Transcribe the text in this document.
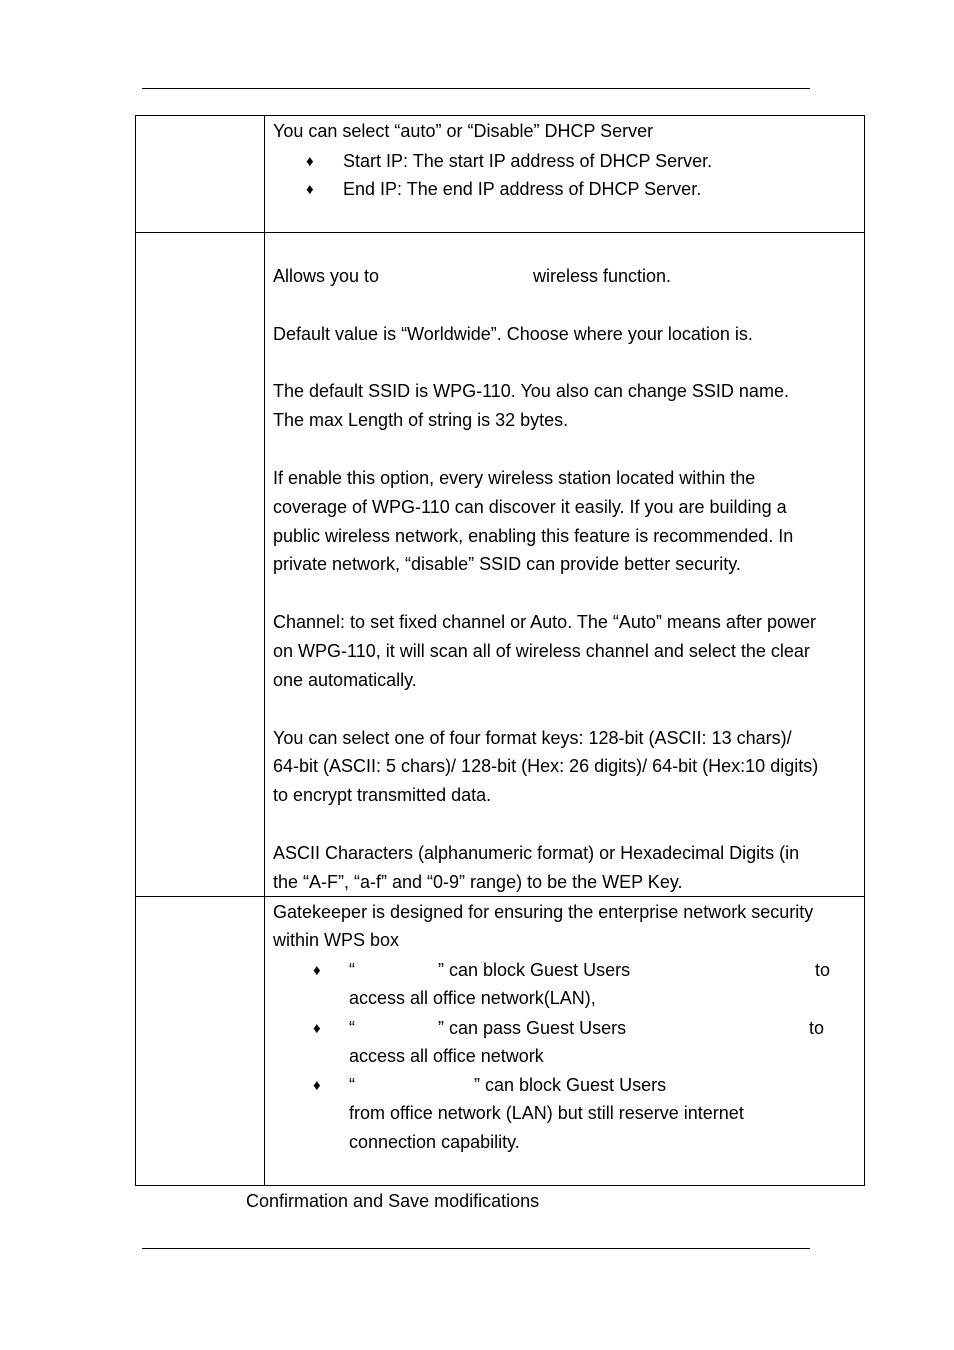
You can select “auto” or “Disable” DHCP Server
♦ Start IP: The start IP address of DHCP Server.
♦ End IP: The end IP address of DHCP Server.
Allows you to	wireless function.
Default value is “Worldwide”. Choose where your location is.
The default SSID is WPG-110. You also can change SSID name.
The max Length of string is 32 bytes.
If enable this option, every wireless station located within the
coverage of WPG-110 can discover it easily. If you are building a
public wireless network, enabling this feature is recommended. In
private network, “disable” SSID can provide better security.
Channel: to set fixed channel or Auto. The “Auto” means after power
on WPG-110, it will scan all of wireless channel and select the clear
one automatically.
You can select one of four format keys: 128-bit (ASCII: 13 chars)/
64-bit (ASCII: 5 chars)/ 128-bit (Hex: 26 digits)/ 64-bit (Hex:10 digits)
to encrypt transmitted data.
ASCII Characters (alphanumeric format) or Hexadecimal Digits (in
the “A-F”, “a-f” and “0-9” range) to be the WEP Key.
Gatekeeper is designed for ensuring the enterprise network security
within WPS box
♦ “	” can block Guest Users	to
access all office network(LAN),
♦ “	” can pass Guest Users	to
access all office network
♦ “	” can block Guest Users
from office network (LAN) but still reserve internet
connection capability.
Confirmation and Save modifications
